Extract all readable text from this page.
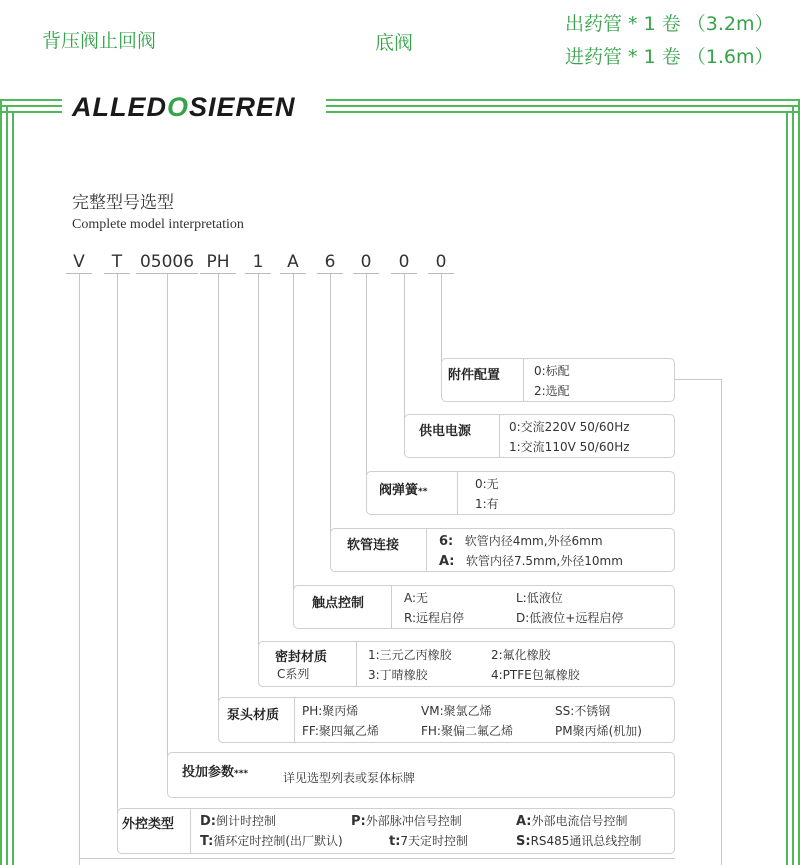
背压阀止回阀	底阀
出药管 * 1 卷 （3.2m）
进药管 * 1 卷 （1.6m）
ALLEDOSIEREN
完整型号选型
Complete model interpretation
V	T	05006 PH	1	A	6	0	0	0
附件配置	0:标配
2:选配
供电电源	0:交流220V 50/60Hz
1:交流110V 50/60Hz
阀弹簧**
0:无
1:有
软管连接	6: 软管内径4mm,外径6mm
A: 软管内径7.5mm,外径10mm
触点控制	A:无	L:低液位
R:远程启停	D:低液位+远程启停
密封材质
C系列
1:三元乙丙橡胶	2:氟化橡胶
3:丁晴橡胶	4:PTFE包氟橡胶
泵头材质 PH:聚丙烯	VM:聚氯乙烯	SS:不锈钢
FF:聚四氟乙烯	FH:聚偏二氟乙烯	PM聚丙烯(机加)
投加参数***	详见选型列表或泵体标牌
外控类型 D:倒计时控制	P:外部脉冲信号控制	A:外部电流信号控制
T:循环定时控制(出厂默认)	t:7天定时控制	S:RS485通讯总线控制
